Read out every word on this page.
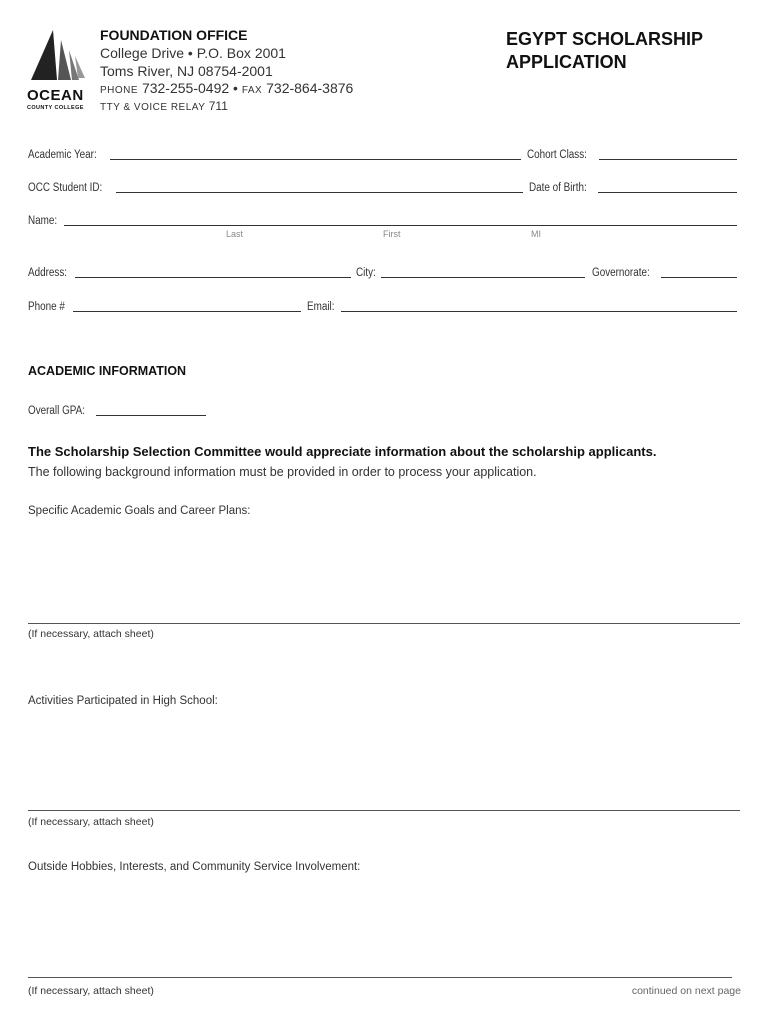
OCEAN
COUNTY COLLEGE
FOUNDATION OFFICE
College Drive • P.O. Box 2001
Toms River, NJ 08754-2001
PHONE 732-255-0492 • FAX 732-864-3876
TTY & VOICE RELAY 711
EGYPT SCHOLARSHIP
APPLICATION
Academic Year:	Cohort Class:
OCC Student ID:	Date of Birth:
Name:
Last	First	MI
Address:	City:	Governorate:
Phone #	Email:
ACADEMIC INFORMATION
Overall GPA:
The Scholarship Selection Committee would appreciate information about the scholarship applicants.
The following background information must be provided in order to process your application.
Specific Academic Goals and Career Plans:
(If necessary, attach sheet)
Activities Participated in High School:
(If necessary, attach sheet)
Outside Hobbies, Interests, and Community Service Involvement:
(If necessary, attach sheet)	continued on next page
